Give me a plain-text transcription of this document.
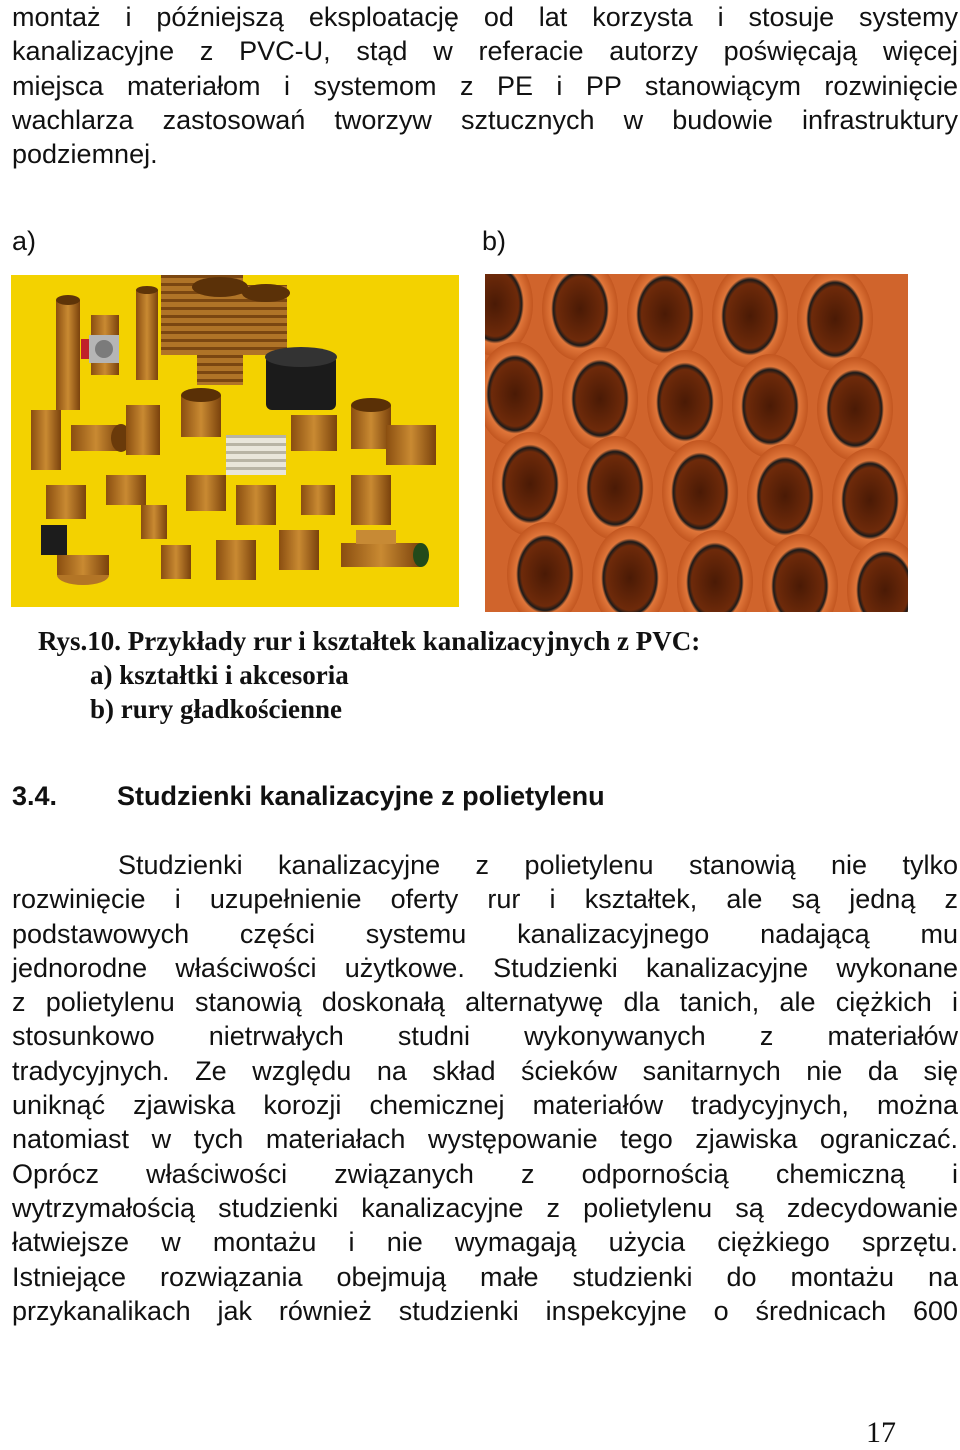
montaż i późniejszą eksploatację od lat korzysta i stosuje systemy
kanalizacyjne z PVC-U, stąd w referacie autorzy poświęcają więcej
miejsca materiałom i systemom z PE i PP stanowiącym rozwinięcie
wachlarza zastosowań tworzyw sztucznych w budowie infrastruktury
podziemnej.
a)	b)
Rys.10. Przykłady rur i kształtek kanalizacyjnych z PVC:
a) kształtki i akcesoria
b) rury gładkościenne
3.4. Studzienki kanalizacyjne z polietylenu
Studzienki kanalizacyjne z polietylenu stanowią nie tylko
rozwinięcie i uzupełnienie oferty rur i kształtek, ale są jedną z
podstawowych części systemu kanalizacyjnego nadającą mu
jednorodne właściwości użytkowe. Studzienki kanalizacyjne wykonane
z polietylenu stanowią doskonałą alternatywę dla tanich, ale ciężkich i
stosunkowo nietrwałych studni wykonywanych z materiałów
tradycyjnych. Ze względu na skład ścieków sanitarnych nie da się
uniknąć zjawiska korozji chemicznej materiałów tradycyjnych, można
natomiast w tych materiałach występowanie tego zjawiska ograniczać.
Oprócz właściwości związanych z odpornością chemiczną i
wytrzymałością studzienki kanalizacyjne z polietylenu są zdecydowanie
łatwiejsze w montażu i nie wymagają użycia ciężkiego sprzętu.
Istniejące rozwiązania obejmują małe studzienki do montażu na
przykanalikach jak również studzienki inspekcyjne o średnicach 600
17
